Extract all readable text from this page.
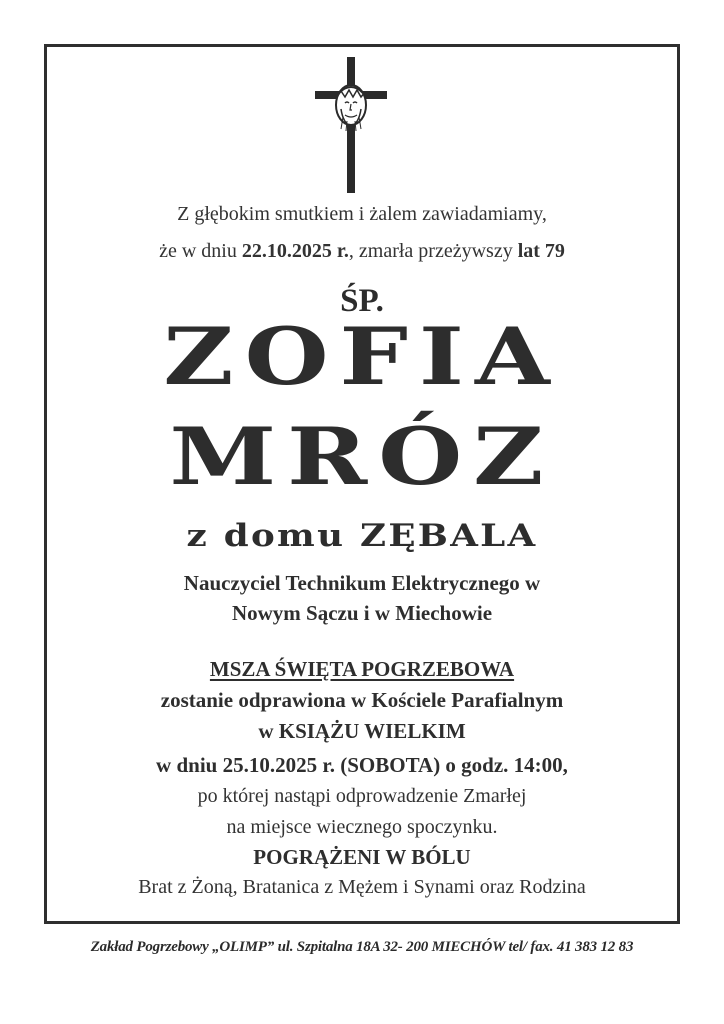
Z głębokim smutkiem i żalem zawiadamiamy,
że w dniu 22.10.2025 r., zmarła przeżywszy lat 79
ŚP.
ZOFIA
MRÓZ
z domu ZĘBALA
Nauczyciel Technikum Elektrycznego w
Nowym Sączu i w Miechowie
MSZA ŚWIĘTA POGRZEBOWA
zostanie odprawiona w Kościele Parafialnym
w KSIĄŻU WIELKIM
w dniu 25.10.2025 r. (SOBOTA) o godz. 14:00,
po której nastąpi odprowadzenie Zmarłej
na miejsce wiecznego spoczynku.
POGRĄŻENI W BÓLU
Brat z Żoną, Bratanica z Mężem i Synami oraz Rodzina
Zakład Pogrzebowy „OLIMP” ul. Szpitalna 18A 32- 200 MIECHÓW tel/ fax. 41 383 12 83
